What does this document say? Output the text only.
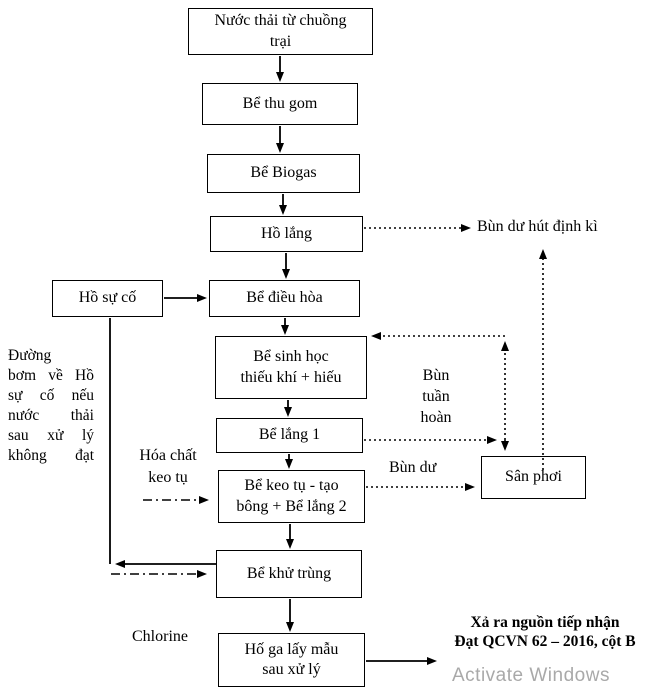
Nước thải từ chuồng
trại
Bể thu gom
Bể Biogas
Hồ lắng
Hồ sự cố	Bể điều hòa
Bể sinh học
thiếu khí + hiếu
Bể lắng 1
Bể keo tụ - tạo
bông + Bể lắng 2
Bể khử trùng
Hố ga lấy mẫu
sau xử lý
Sân phơi
Bùn dư hút định kì
Bùn
tuần
hoàn
Bùn dư
Đường
bơm về Hồ
sự cố nếu
nước thải
sau xử lý
không đạt	Hóa chất
keo tụ
Chlorine
Xả ra nguồn tiếp nhận
Đạt QCVN 62 – 2016, cột B
Activate Windows
